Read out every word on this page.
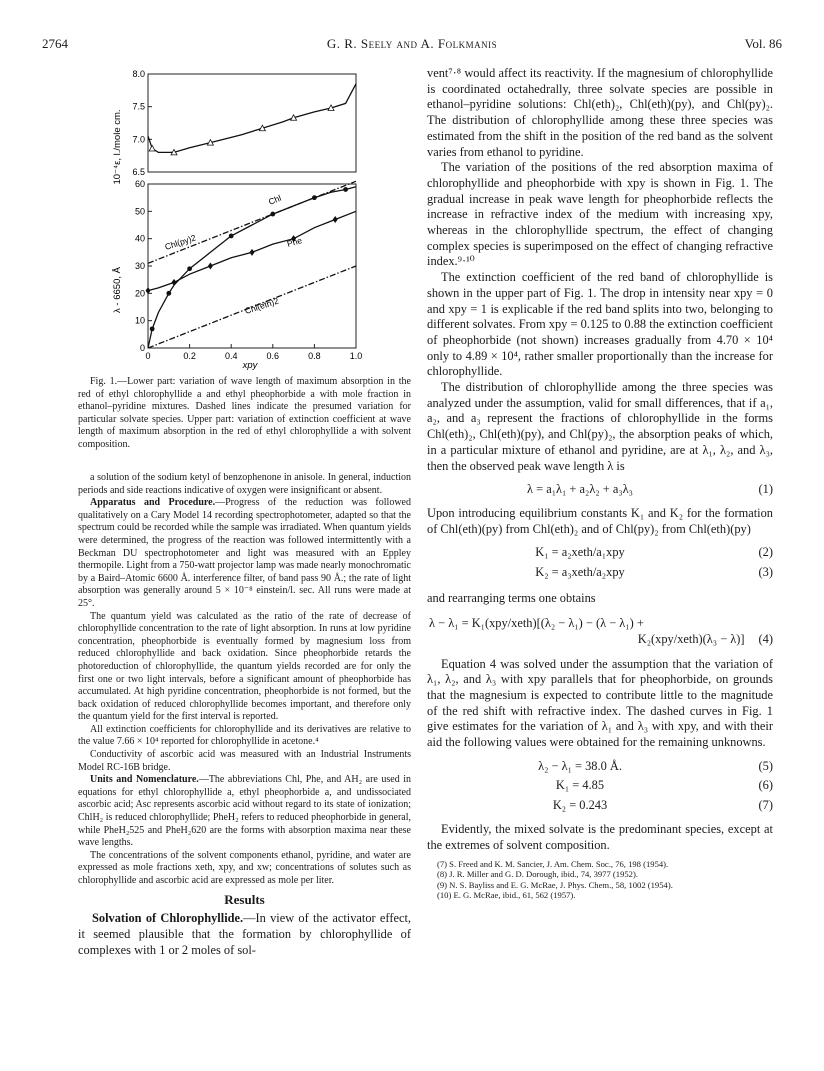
2764	G. R. Seely and A. Folkmanis	Vol. 86
6.5
7.0
7.5
8.0
0
10
20
30
40
50
60
0	0.2	0.4	0.6	0.8	1.0
10⁻⁴ε, l./mole cm.
λ - 6650, Å
xpy
Chl
Chl(py)2	Phe
Chl(eth)2

Fig. 1.—Lower part: variation of wave length of maximum absorption in the red of ethyl chlorophyllide a and ethyl pheophorbide a with mole fraction in ethanol–pyridine mixtures. Dashed lines indicate the presumed variation for particular solvate species. Upper part: variation of extinction coefficient at wave length of maximum absorption in the red of ethyl chlorophyllide a with solvent composition.

a solution of the sodium ketyl of benzophenone in anisole. In general, induction periods and side reactions indicative of oxygen were insignificant or absent.

Apparatus and Procedure.—Progress of the reduction was followed qualitatively on a Cary Model 14 recording spectrophotometer, adapted so that the spectrum could be recorded while the sample was irradiated. When quantum yields were determined, the progress of the reaction was followed intermittently with a Beckman DU spectrophotometer and light was measured with an Eppley thermopile. Light from a 750-watt projector lamp was made nearly monochromatic by a Baird–Atomic 6600 Å. interference filter, of band pass 90 Å.; the rate of light absorption was generally around 5 × 10⁻⁸ einstein/l. sec. All runs were made at 25°.

The quantum yield was calculated as the ratio of the rate of decrease of chlorophyllide concentration to the rate of light absorption. In runs at low pyridine concentration, pheophorbide is eventually formed by magnesium loss from reduced chlorophyllide and back oxidation. Since pheophorbide retards the photoreduction of chlorophyllide, the quantum yields recorded are for only the first one or two light intervals, before a significant amount of pheophorbide has accumulated. At high pyridine concentration, pheophorbide is not formed, but the back oxidation of reduced chlorophyllide becomes important, and therefore only the quantum yield for the first interval is reported.

All extinction coefficients for chlorophyllide and its derivatives are relative to the value 7.66 × 10⁴ reported for chlorophyllide in acetone.⁴

Conductivity of ascorbic acid was measured with an Industrial Instruments Model RC-16B bridge.

Units and Nomenclature.—The abbreviations Chl, Phe, and AH₂ are used in equations for ethyl chlorophyllide a, ethyl pheophorbide a, and undissociated ascorbic acid; Asc represents ascorbic acid without regard to its state of ionization; ChlH₂ is reduced chlorophyllide; PheH₂ refers to reduced pheophorbide in general, while PheH₂525 and PheH₂620 are the forms with absorption maxima near these wave lengths.

The concentrations of the solvent components ethanol, pyridine, and water are expressed as mole fractions xeth, xpy, and xw; concentrations of solutes such as chlorophyllide and ascorbic acid are expressed as mole per liter.

Results

Solvation of Chlorophyllide.—In view of the activator effect, it seemed plausible that the formation by chlorophyllide of complexes with 1 or 2 moles of sol-

vent⁷·⁸ would affect its reactivity. If the magnesium of chlorophyllide is coordinated octahedrally, three solvate species are possible in ethanol–pyridine solutions: Chl(eth)₂, Chl(eth)(py), and Chl(py)₂. The distribution of chlorophyllide among these three species was estimated from the shift in the position of the red band as the solvent varies from ethanol to pyridine.

The variation of the positions of the red absorption maxima of chlorophyllide and pheophorbide with xpy is shown in Fig. 1. The gradual increase in peak wave length for pheophorbide reflects the increase in refractive index of the medium with increasing xpy, whereas in the chlorophyllide spectrum, the effect of changing complex species is superimposed on the effect of changing refractive index.⁹·¹⁰

The extinction coefficient of the red band of chlorophyllide is shown in the upper part of Fig. 1. The drop in intensity near xpy = 0 and xpy = 1 is explicable if the red band splits into two, belonging to different solvates. From xpy = 0.125 to 0.88 the extinction coefficient of pheophorbide (not shown) increases gradually from 4.70 × 10⁴ only to 4.89 × 10⁴, rather smaller proportionally than the increase for chlorophyllide.

The distribution of chlorophyllide among the three species was analyzed under the assumption, valid for small differences, that if a₁, a₂, and a₃ represent the fractions of chlorophyllide in the forms Chl(eth)₂, Chl(eth)(py), and Chl(py)₂, the absorption peaks of which, in a particular mixture of ethanol and pyridine, are at λ₁, λ₂, and λ₃, then the observed peak wave length λ is

λ = a₁λ₁ + a₂λ₂ + a₃λ₃	(1)

Upon introducing equilibrium constants K₁ and K₂ for the formation of Chl(eth)(py) from Chl(eth)₂ and of Chl(py)₂ from Chl(eth)(py)

K₁ = a₂xeth/a₁xpy	(2)
K₂ = a₃xeth/a₂xpy	(3)

and rearranging terms one obtains

λ − λ₁ = K₁(xpy/xeth)[(λ₂ − λ₁) − (λ − λ₁) +
K₂(xpy/xeth)(λ₃ − λ)] (4)

Equation 4 was solved under the assumption that the variation of λ₁, λ₂, and λ₃ with xpy parallels that for pheophorbide, on grounds that the magnesium is expected to contribute little to the magnitude of the red shift with refractive index. The dashed curves in Fig. 1 give estimates for the variation of λ₁ and λ₃ with xpy, and with their aid the following values were obtained for the remaining unknowns.

λ₂ − λ₁ = 38.0 Å.	(5)
K₁ = 4.85	(6)
K₂ = 0.243	(7)

Evidently, the mixed solvate is the predominant species, except at the extremes of solvent composition.

(7) S. Freed and K. M. Sancier, J. Am. Chem. Soc., 76, 198 (1954).

(8) J. R. Miller and G. D. Dorough, ibid., 74, 3977 (1952).

(9) N. S. Bayliss and E. G. McRae, J. Phys. Chem., 58, 1002 (1954).

(10) E. G. McRae, ibid., 61, 562 (1957).
